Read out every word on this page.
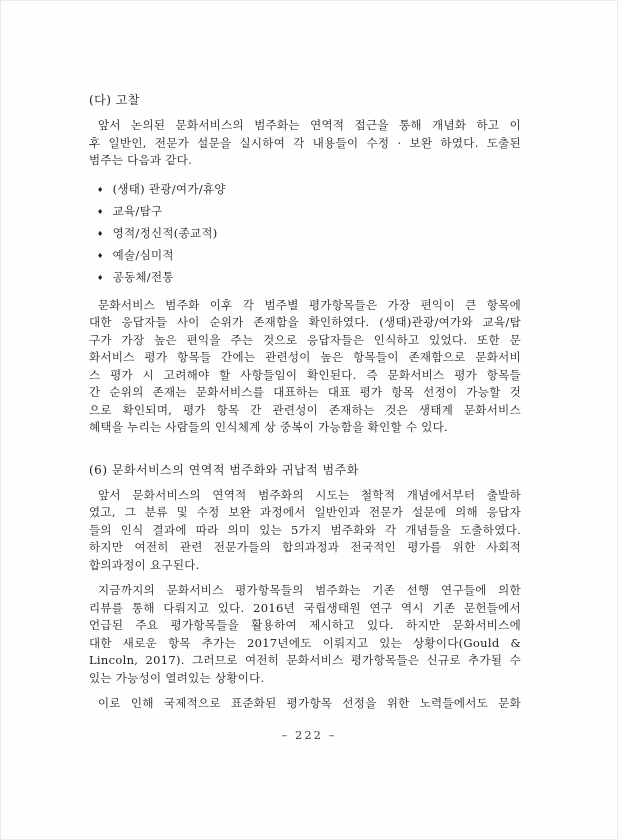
(다) 고찰
앞서 논의된 문화서비스의 범주화는 연역적 접근을 통해 개념화 하고 이
후 일반인, 전문가 설문을 실시하여 각 내용들이 수정 · 보완 하였다. 도출된
범주는 다음과 같다.
♦ (생태) 관광/여가/휴양
♦ 교육/탐구
♦ 영적/정신적(종교적)
♦ 예술/심미적
♦ 공동체/전통
문화서비스 범주화 이후 각 범주별 평가항목들은 가장 편익이 큰 항목에
대한 응답자들 사이 순위가 존재함을 확인하였다. (생태)관광/여가와 교육/탐
구가 가장 높은 편익을 주는 것으로 응답자들은 인식하고 있었다. 또한 문
화서비스 평가 항목들 간에는 관련성이 높은 항목들이 존재함으로 문화서비
스 평가 시 고려해야 할 사항들임이 확인된다. 즉 문화서비스 평가 항목들
간 순위의 존재는 문화서비스를 대표하는 대표 평가 항목 선정이 가능할 것
으로 확인되며, 평가 항목 간 관련성이 존재하는 것은 생태계 문화서비스
혜택을 누리는 사람들의 인식체계 상 중복이 가능함을 확인할 수 있다.
(6) 문화서비스의 연역적 범주화와 귀납적 범주화
앞서 문화서비스의 연역적 범주화의 시도는 철학적 개념에서부터 출발하
였고, 그 분류 및 수정 보완 과정에서 일반인과 전문가 설문에 의해 응답자
들의 인식 결과에 따라 의미 있는 5가지 범주화와 각 개념들을 도출하였다.
하지만 여전히 관련 전문가들의 합의과정과 전국적인 평가를 위한 사회적
합의과정이 요구된다.
지금까지의 문화서비스 평가항목들의 범주화는 기존 선행 연구들에 의한
리뷰를 통해 다뤄지고 있다. 2016년 국립생태원 연구 역시 기존 문헌들에서
언급된 주요 평가항목들을 활용하여 제시하고 있다. 하지만 문화서비스에
대한 새로운 항목 추가는 2017년에도 이뤄지고 있는 상황이다(Gould &
Lincoln, 2017). 그러므로 여전히 문화서비스 평가항목들은 신규로 추가될 수
있는 가능성이 열려있는 상황이다.
이로 인해 국제적으로 표준화된 평가항목 선정을 위한 노력들에서도 문화
– 222 –
